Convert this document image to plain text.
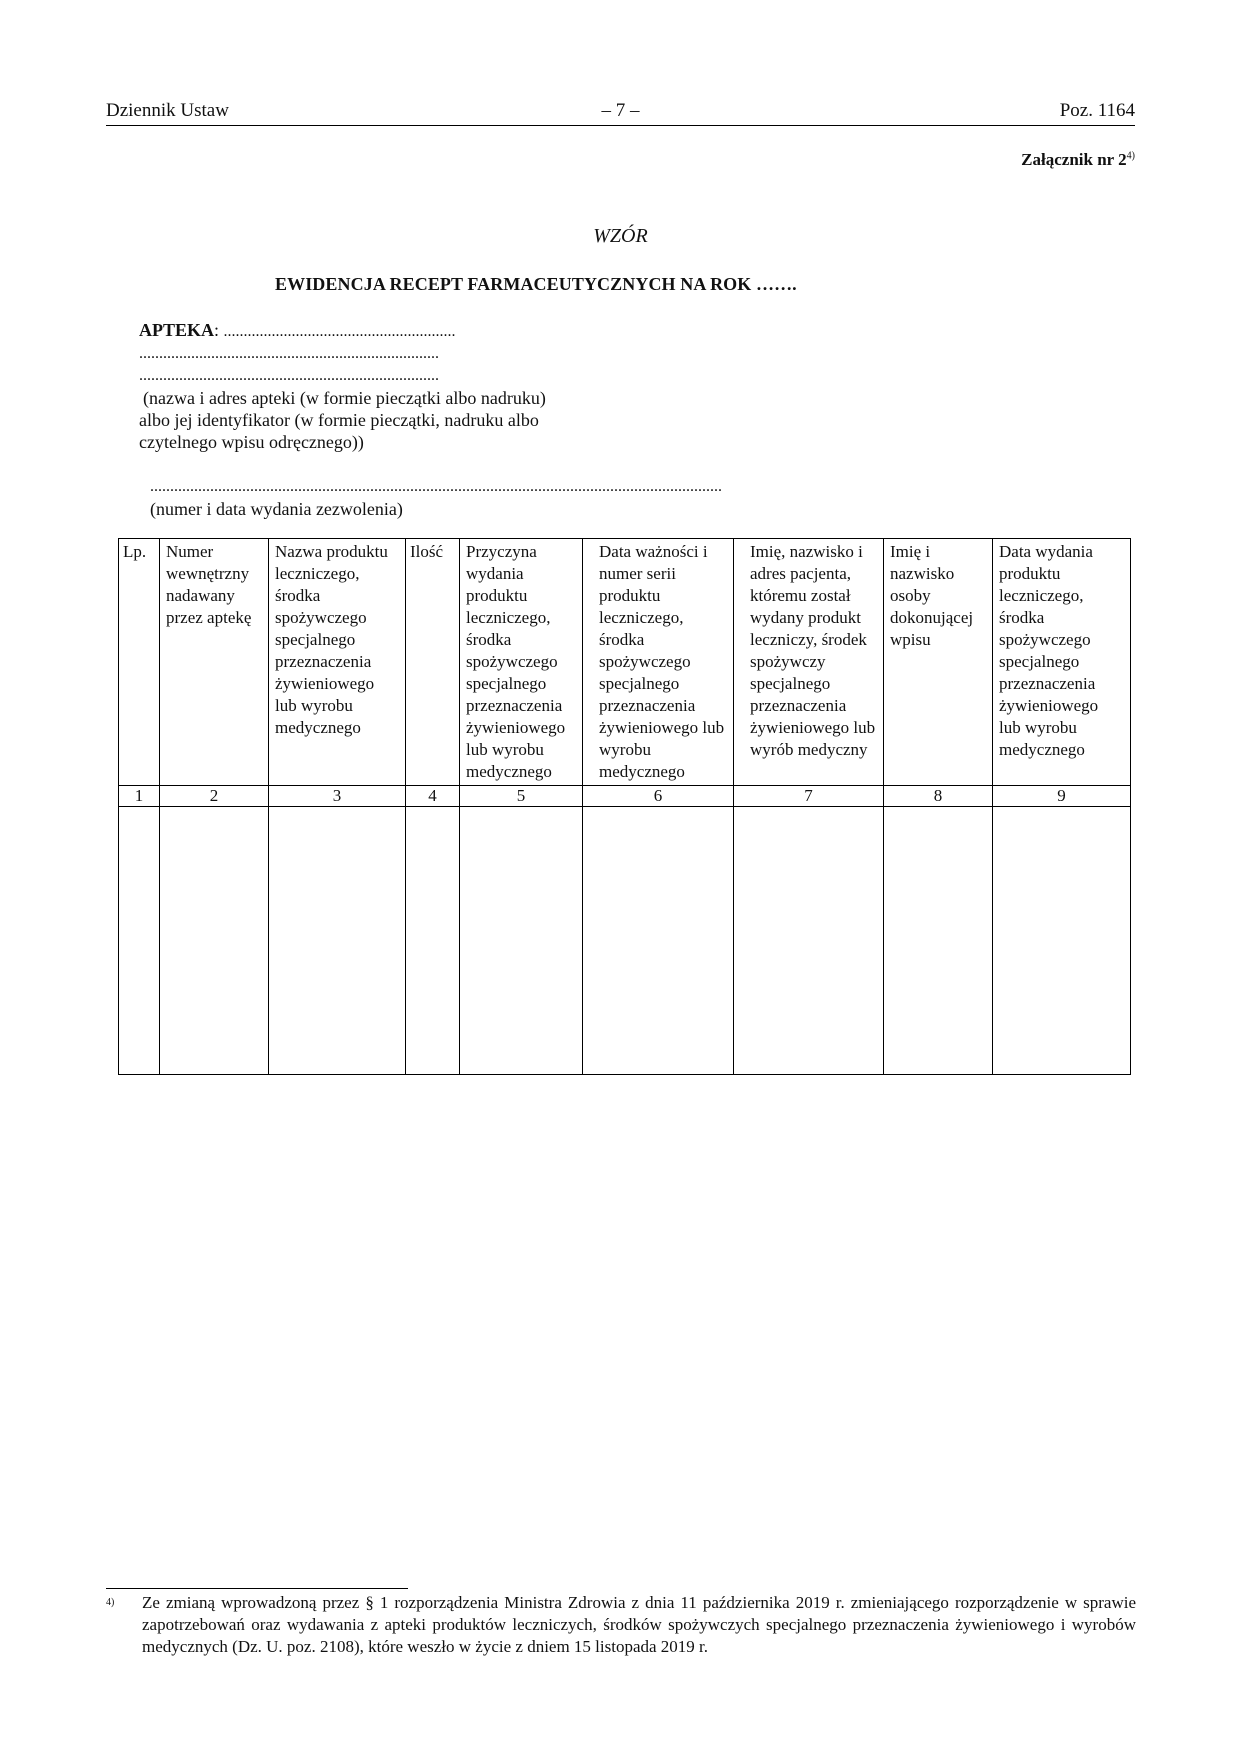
Dziennik Ustaw	– 7 –	Poz. 1164
Załącznik nr 2$^{4)}$
WZÓR
EWIDENCJA RECEPT FARMACEUTYCZNYCH NA ROK …….
APTEKA: ..........................................................
...........................................................................
...........................................................................
(nazwa i adres apteki (w formie pieczątki albo nadruku)
albo jej identyfikator (w formie pieczątki, nadruku albo
czytelnego wpisu odręcznego))
...............................................................................................................................................
(numer i data wydania zezwolenia)
Lp.	Numer wewnętrzny nadawany przez aptekę	Nazwa produktu leczniczego, środka spożywczego specjalnego przeznaczenia żywieniowego lub wyrobu medycznego	Ilość	Przyczyna wydania produktu leczniczego, środka spożywczego specjalnego przeznaczenia żywieniowego lub wyrobu medycznego	Data ważności i numer serii produktu leczniczego, środka spożywczego specjalnego przeznaczenia żywieniowego lub wyrobu medycznego	Imię, nazwisko i adres pacjenta, któremu został wydany produkt leczniczy, środek spożywczy specjalnego przeznaczenia żywieniowego lub wyrób medyczny	Imię i nazwisko osoby dokonującej wpisu	Data wydania produktu leczniczego, środka spożywczego specjalnego przeznaczenia żywieniowego lub wyrobu medycznego
1	2	3	4	5	6	7	8	9

4) Ze zmianą wprowadzoną przez § 1 rozporządzenia Ministra Zdrowia z dnia 11 października 2019 r. zmieniającego rozporządzenie w sprawie zapotrzebowań oraz wydawania z apteki produktów leczniczych, środków spożywczych specjalnego przeznaczenia żywieniowego i wyrobów medycznych (Dz. U. poz. 2108), które weszło w życie z dniem 15 listopada 2019 r.
